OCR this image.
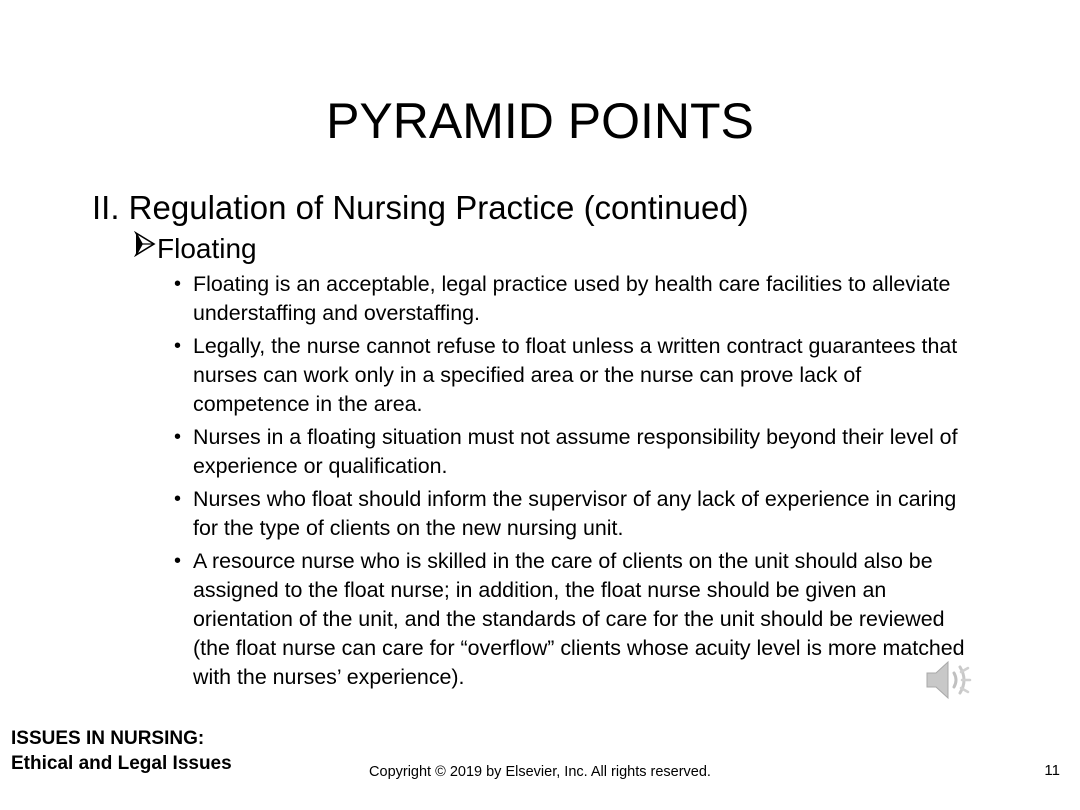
PYRAMID POINTS

II. Regulation of Nursing Practice (continued)

Floating
• Floating is an acceptable, legal practice used by health care facilities to alleviate understaffing and overstaffing.
• Legally, the nurse cannot refuse to float unless a written contract guarantees that nurses can work only in a specified area or the nurse can prove lack of competence in the area.
• Nurses in a floating situation must not assume responsibility beyond their level of experience or qualification.
• Nurses who float should inform the supervisor of any lack of experience in caring for the type of clients on the new nursing unit.
• A resource nurse who is skilled in the care of clients on the unit should also be assigned to the float nurse; in addition, the float nurse should be given an orientation of the unit, and the standards of care for the unit should be reviewed (the float nurse can care for “overflow” clients whose acuity level is more matched with the nurses’ experience).
ISSUES IN NURSING:
Ethical and Legal Issues	Copyright © 2019 by Elsevier, Inc. All rights reserved.	11
